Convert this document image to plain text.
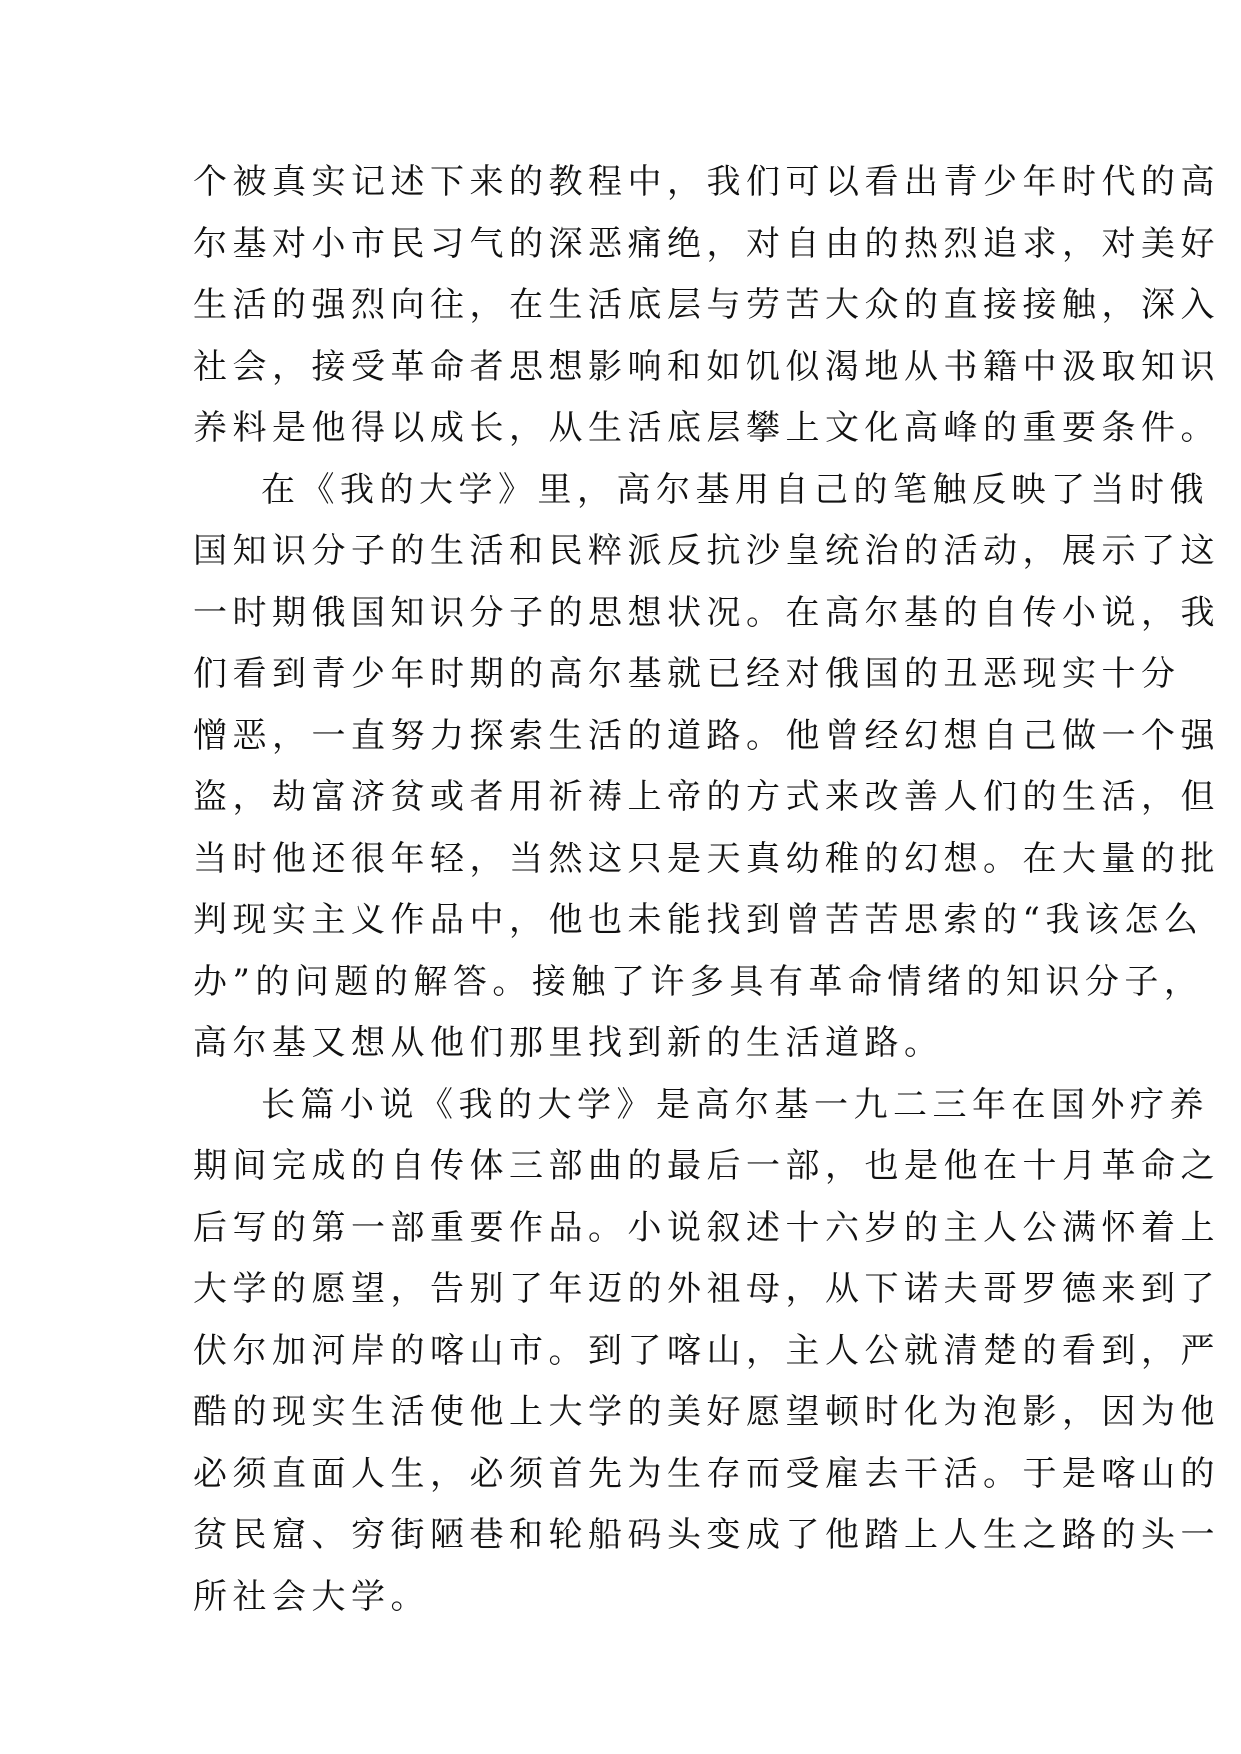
个被真实记述下来的教程中，我们可以看出青少年时代的高
尔基对小市民习气的深恶痛绝，对自由的热烈追求，对美好
生活的强烈向往，在生活底层与劳苦大众的直接接触，深入
社会，接受革命者思想影响和如饥似渴地从书籍中汲取知识
养料是他得以成长，从生活底层攀上文化高峰的重要条件。
在《我的大学》里，高尔基用自己的笔触反映了当时俄
国知识分子的生活和民粹派反抗沙皇统治的活动，展示了这
一时期俄国知识分子的思想状况。在高尔基的自传小说，我
们看到青少年时期的高尔基就已经对俄国的丑恶现实十分
憎恶，一直努力探索生活的道路。他曾经幻想自己做一个强
盗，劫富济贫或者用祈祷上帝的方式来改善人们的生活，但
当时他还很年轻，当然这只是天真幼稚的幻想。在大量的批
判现实主义作品中，他也未能找到曾苦苦思索的“我该怎么
办”的问题的解答。接触了许多具有革命情绪的知识分子，
高尔基又想从他们那里找到新的生活道路。
长篇小说《我的大学》是高尔基一九二三年在国外疗养
期间完成的自传体三部曲的最后一部，也是他在十月革命之
后写的第一部重要作品。小说叙述十六岁的主人公满怀着上
大学的愿望，告别了年迈的外祖母，从下诺夫哥罗德来到了
伏尔加河岸的喀山市。到了喀山，主人公就清楚的看到，严
酷的现实生活使他上大学的美好愿望顿时化为泡影，因为他
必须直面人生，必须首先为生存而受雇去干活。于是喀山的
贫民窟、穷街陋巷和轮船码头变成了他踏上人生之路的头一
所社会大学。
